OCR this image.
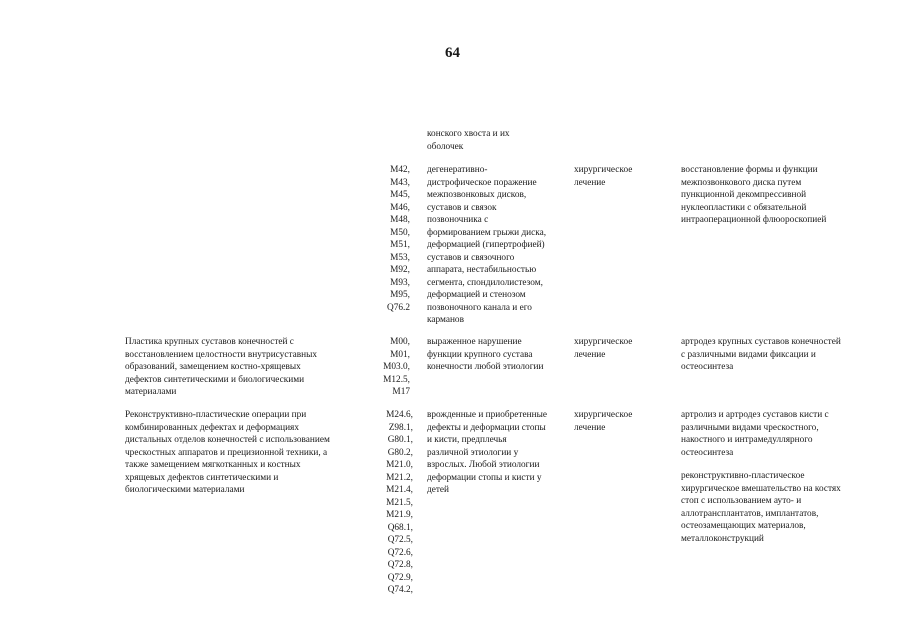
64
конского хвоста и их
оболочек
M42,
M43,
M45,
M46,
M48,
M50,
M51,
M53,
M92,
M93,
M95,
Q76.2
дегенеративно-
дистрофическое поражение
межпозвонковых дисков,
суставов и связок
позвоночника с
формированием грыжи диска,
деформацией (гипертрофией)
суставов и связочного
аппарата, нестабильностью
сегмента, спондилолистезом,
деформацией и стенозом
позвоночного канала и его
карманов
хирургическое
лечение
восстановление формы и функции
межпозвонкового диска путем
пункционной декомпрессивной
нуклеопластики с обязательной
интраоперационной флюороскопией
Пластика крупных суставов конечностей с
восстановлением целостности внутрисуставных
образований, замещением костно-хрящевых
дефектов синтетическими и биологическими
материалами
M00,
M01,
M03.0,
M12.5,
M17
выраженное нарушение
функции крупного сустава
конечности любой этиологии
хирургическое
лечение
артродез крупных суставов конечностей
с различными видами фиксации и
остеосинтеза
Реконструктивно-пластические операции при
комбинированных дефектах и деформациях
дистальных отделов конечностей с использованием
чрескостных аппаратов и прецизионной техники, а
также замещением мягкотканных и костных
хрящевых дефектов синтетическими и
биологическими материалами
M24.6,
Z98.1,
G80.1,
G80.2,
M21.0,
M21.2,
M21.4,
M21.5,
M21.9,
Q68.1,
Q72.5,
Q72.6,
Q72.8,
Q72.9,
Q74.2,
врожденные и приобретенные
дефекты и деформации стопы
и кисти, предплечья
различной этиологии у
взрослых. Любой этиологии
деформации стопы и кисти у
детей
хирургическое
лечение
артролиз и артродез суставов кисти с
различными видами чрескостного,
накостного и интрамедуллярного
остеосинтеза
реконструктивно-пластическое
хирургическое вмешательство на костях
стоп с использованием ауто- и
аллотрансплантатов, имплантатов,
остеозамещающих материалов,
металлоконструкций
